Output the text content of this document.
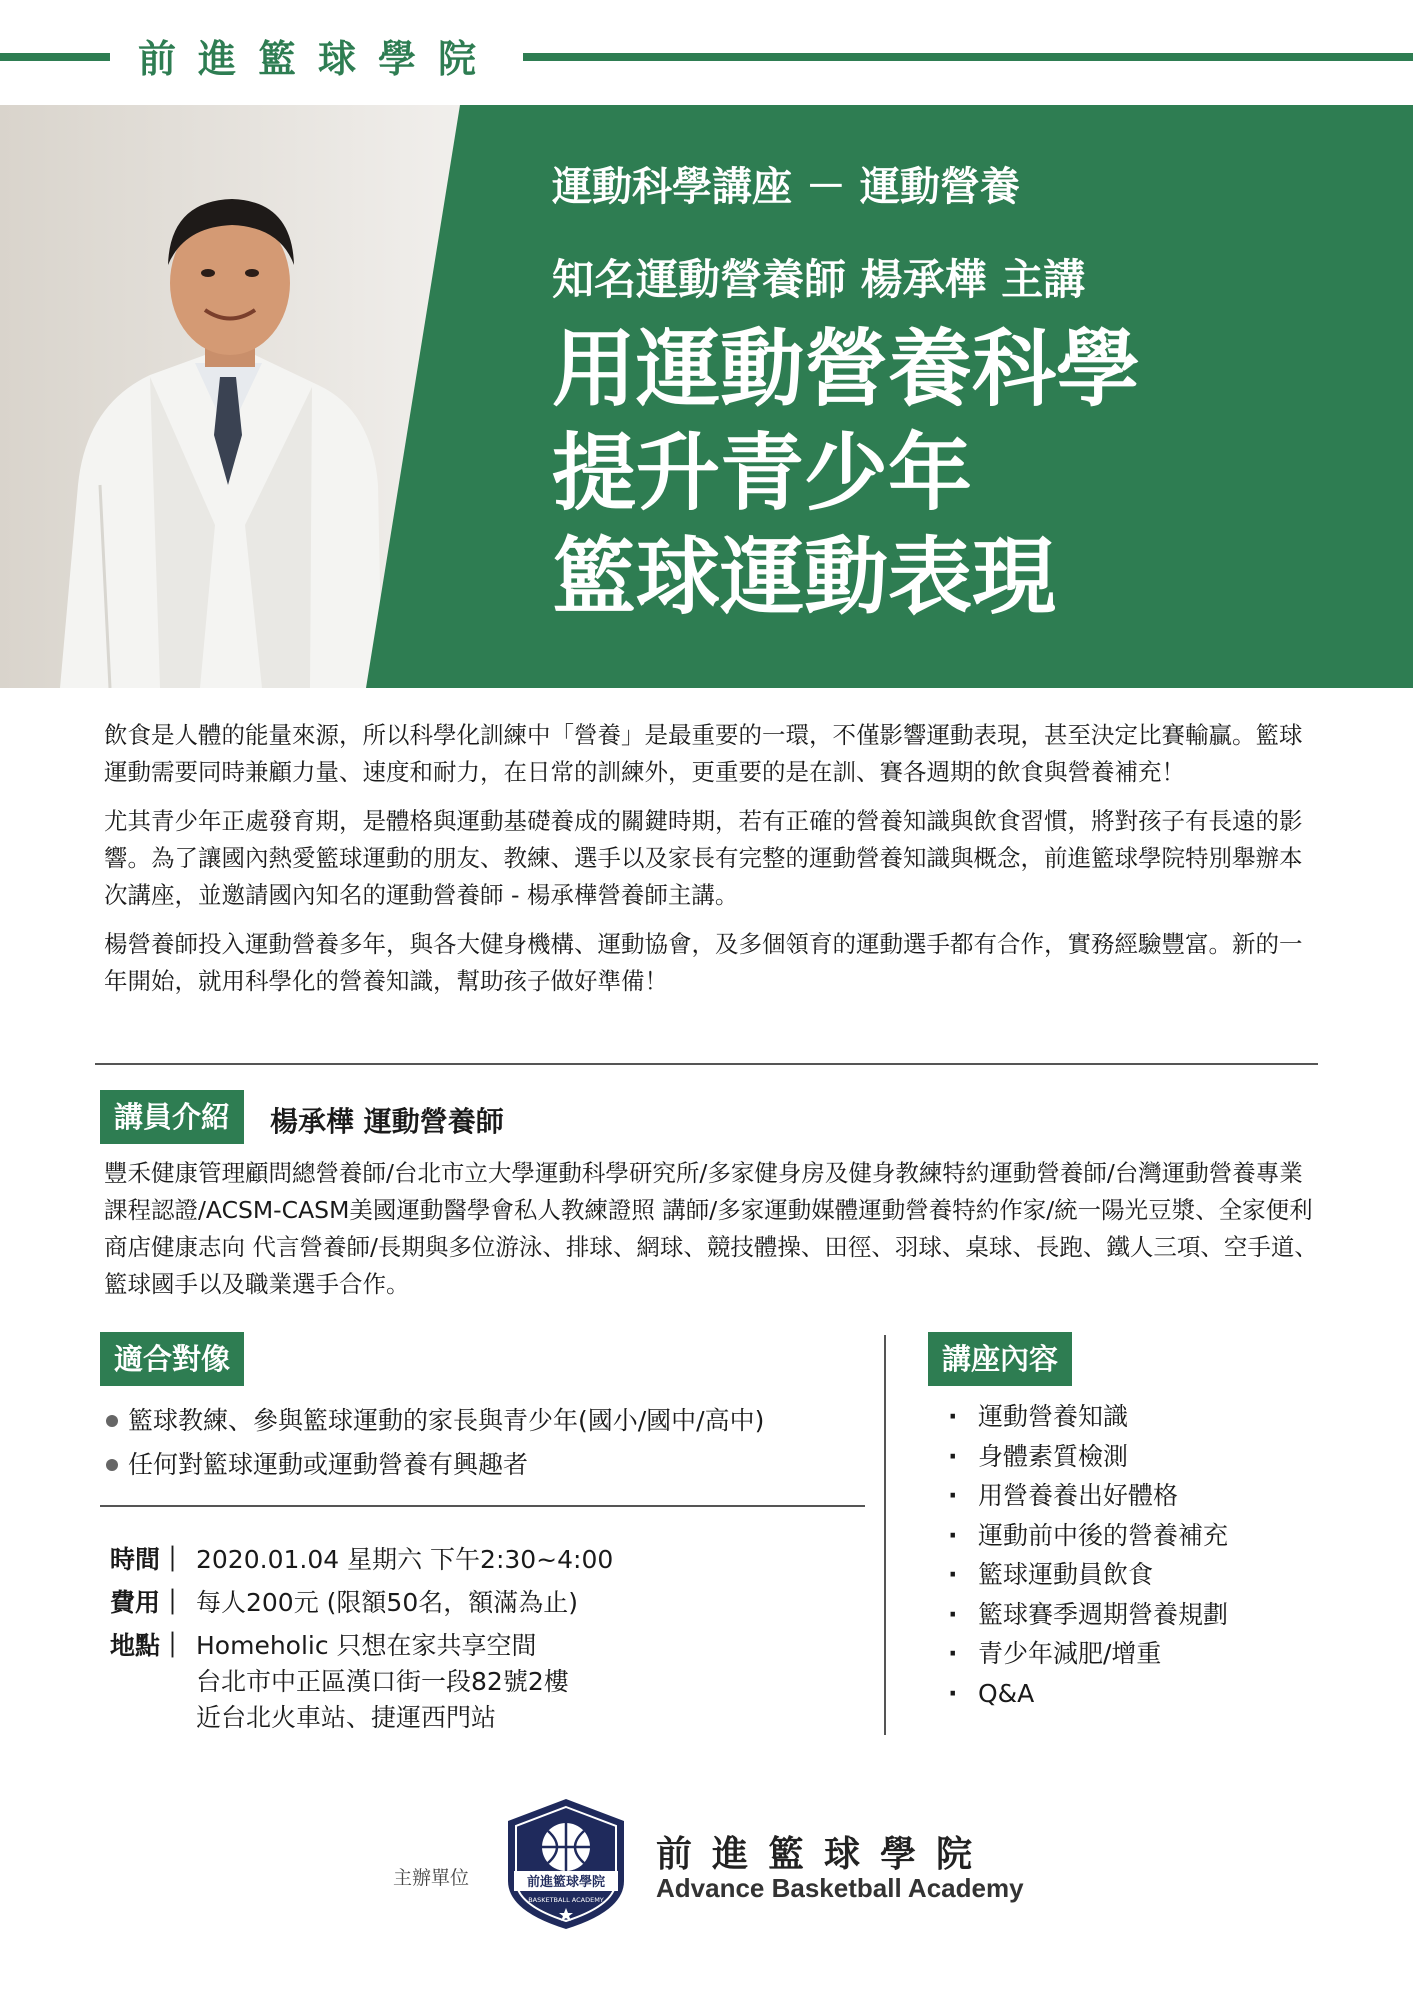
前進籃球學院
運動科學講座 － 運動營養
知名運動營養師 楊承樺 主講
用運動營養科學
提升青少年
籃球運動表現

飲食是人體的能量來源，所以科學化訓練中「營養」是最重要的一環，不僅影響運動表現，甚至決定比賽輸贏。籃球運動需要同時兼顧力量、速度和耐力，在日常的訓練外，更重要的是在訓、賽各週期的飲食與營養補充！

尤其青少年正處發育期，是體格與運動基礎養成的關鍵時期，若有正確的營養知識與飲食習慣，將對孩子有長遠的影響。為了讓國內熱愛籃球運動的朋友、教練、選手以及家長有完整的運動營養知識與概念，前進籃球學院特別舉辦本次講座，並邀請國內知名的運動營養師 - 楊承樺營養師主講。

楊營養師投入運動營養多年，與各大健身機構、運動協會，及多個領育的運動選手都有合作，實務經驗豐富。新的一年開始，就用科學化的營養知識，幫助孩子做好準備！

講員介紹	楊承樺 運動營養師

豐禾健康管理顧問總營養師/台北市立大學運動科學研究所/多家健身房及健身教練特約運動營養師/台灣運動營養專業課程認證/ACSM-CASM美國運動醫學會私人教練證照 講師/多家運動媒體運動營養特約作家/統一陽光豆漿、全家便利商店健康志向 代言營養師/長期與多位游泳、排球、網球、競技體操、田徑、羽球、桌球、長跑、鐵人三項、空手道、籃球國手以及職業選手合作。

適合對像
籃球教練、參與籃球運動的家長與青少年(國小/國中/高中)
任何對籃球運動或運動營養有興趣者
時間｜ 2020.01.04 星期六 下午2:30~4:00
費用｜ 每人200元 (限額50名，額滿為止)
地點｜ Homeholic 只想在家共享空間
台北市中正區漢口街一段82號2樓
近台北火車站、捷運西門站
講座內容
· 運動營養知識
· 身體素質檢測
· 用營養養出好體格
· 運動前中後的營養補充
· 籃球運動員飲食
· 籃球賽季週期營養規劃
· 青少年減肥/增重
· Q&A
主辦單位	前進籃球學院
BASKETBALL ACADEMY
前進籃球學院
Advance Basketball Academy
